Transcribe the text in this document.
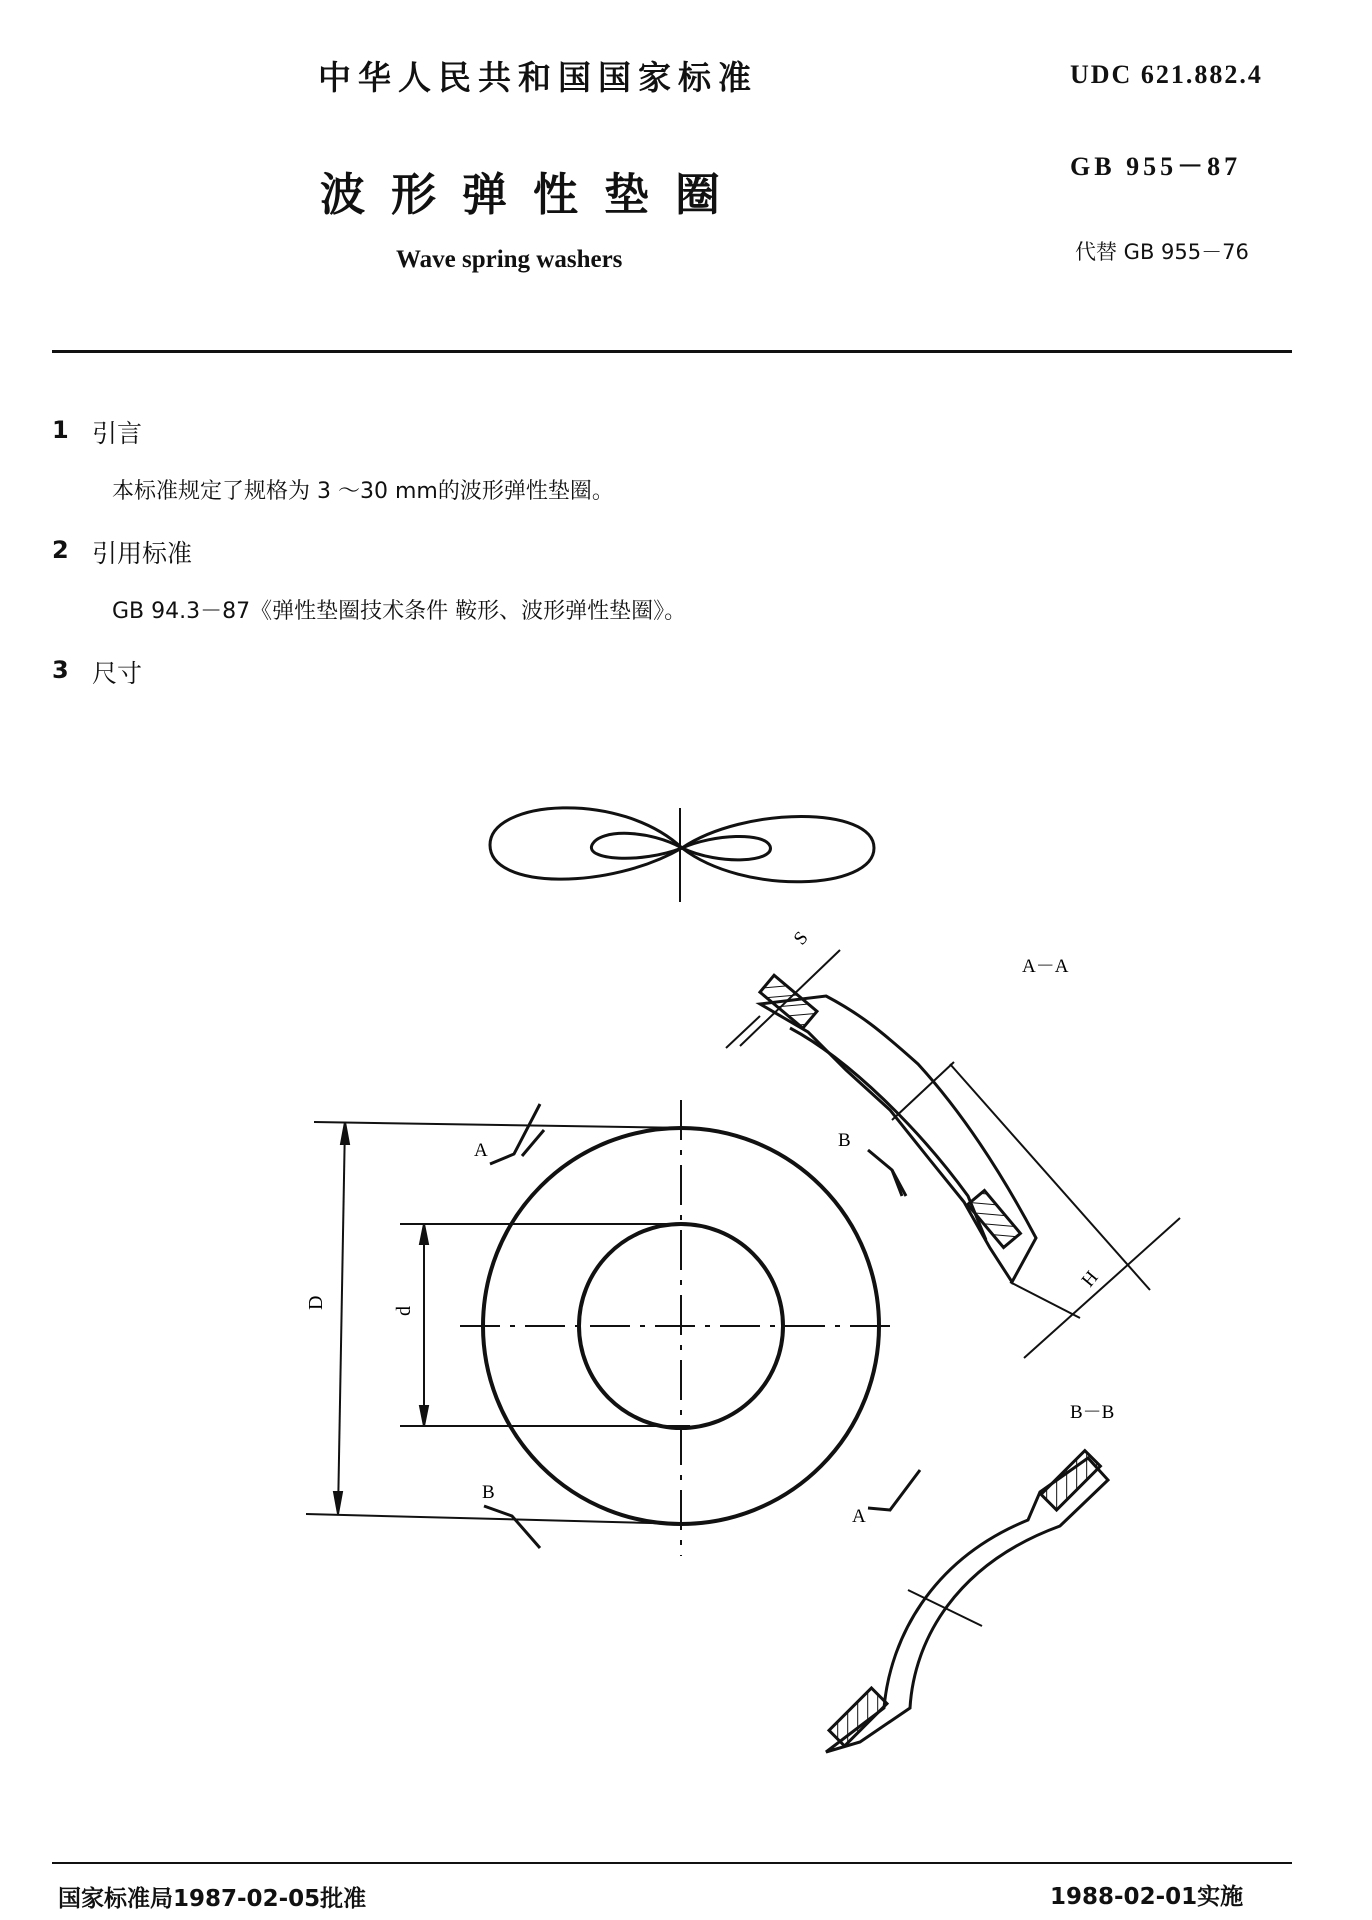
中华人民共和国国家标准
波形弹性垫圈
Wave spring washers
UDC 621.882.4
GB 955－87
代替 GB 955－76
1 引言
本标准规定了规格为 3 ～30 mm的波形弹性垫圈。
2 引用标准
GB 94.3－87《弹性垫圈技术条件 鞍形、波形弹性垫圈》。
3 尺寸
D
d
A	B
B
A
A－A
S
H
B－B
国家标准局1987-02-05批准	1988-02-01实施
